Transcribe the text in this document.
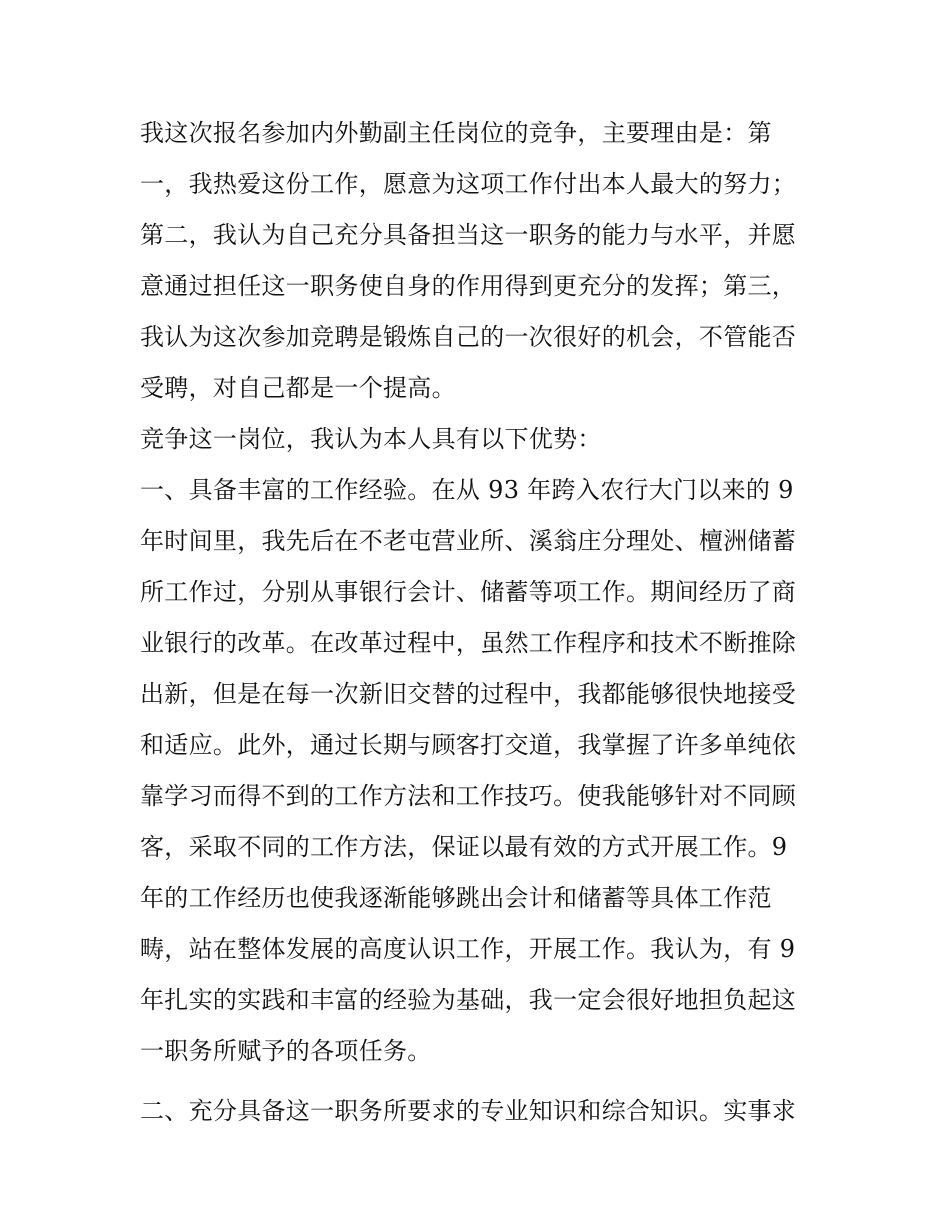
我这次报名参加内外勤副主任岗位的竞争，主要理由是：第
一，我热爱这份工作，愿意为这项工作付出本人最大的努力；
第二，我认为自己充分具备担当这一职务的能力与水平，并愿
意通过担任这一职务使自身的作用得到更充分的发挥；第三，
我认为这次参加竞聘是锻炼自己的一次很好的机会，不管能否
受聘，对自己都是一个提高。
竞争这一岗位，我认为本人具有以下优势：
一、具备丰富的工作经验。在从 93 年跨入农行大门以来的 9
年时间里，我先后在不老屯营业所、溪翁庄分理处、檀洲储蓄
所工作过，分别从事银行会计、储蓄等项工作。期间经历了商
业银行的改革。在改革过程中，虽然工作程序和技术不断推除
出新，但是在每一次新旧交替的过程中，我都能够很快地接受
和适应。此外，通过长期与顾客打交道，我掌握了许多单纯依
靠学习而得不到的工作方法和工作技巧。使我能够针对不同顾
客，采取不同的工作方法，保证以最有效的方式开展工作。9
年的工作经历也使我逐渐能够跳出会计和储蓄等具体工作范
畴，站在整体发展的高度认识工作，开展工作。我认为，有 9
年扎实的实践和丰富的经验为基础，我一定会很好地担负起这
一职务所赋予的各项任务。
二、充分具备这一职务所要求的专业知识和综合知识。实事求
